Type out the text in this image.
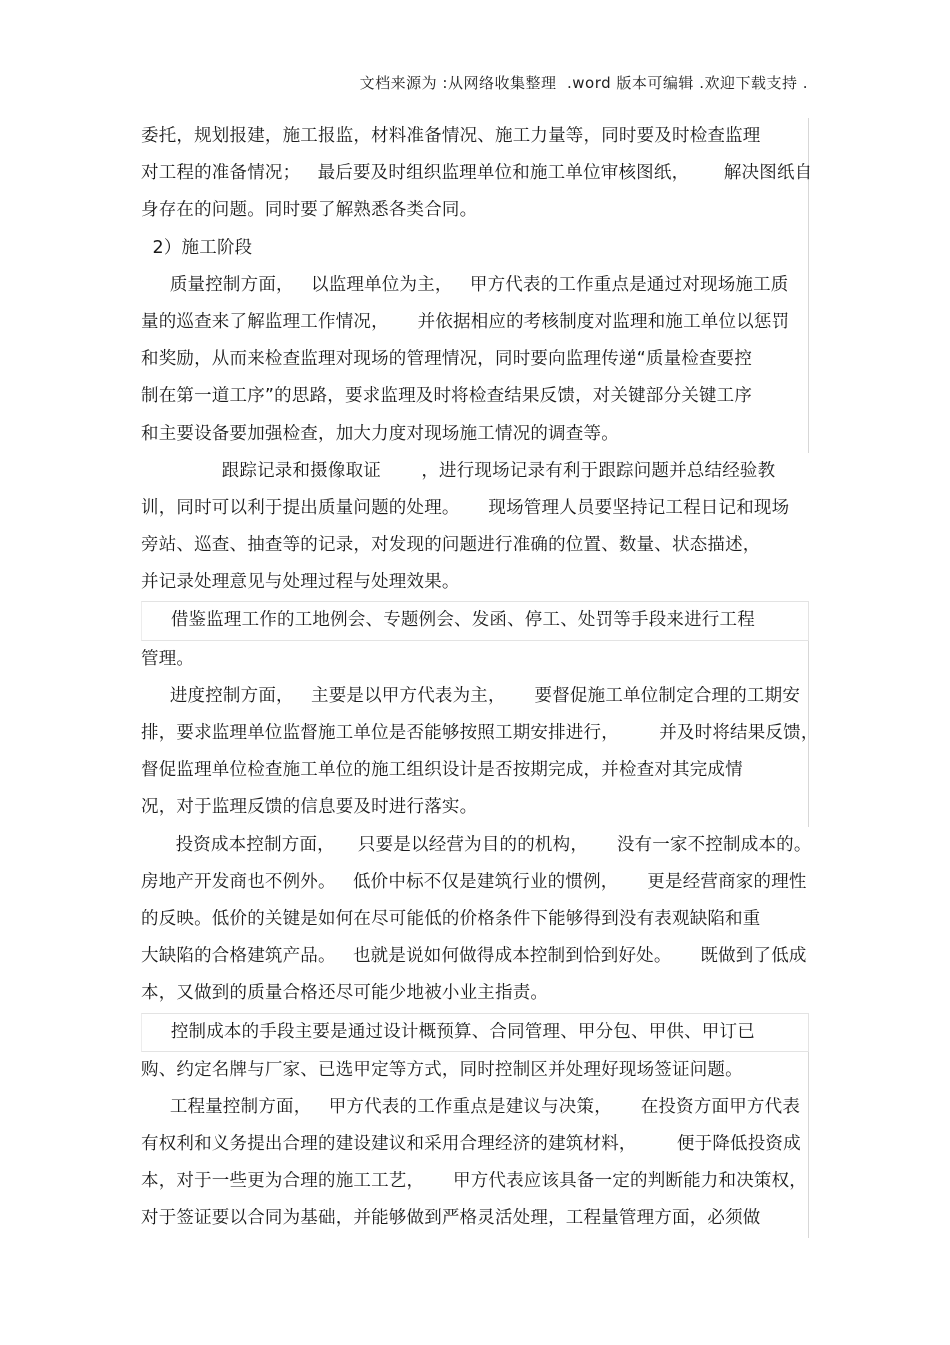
文档来源为 :从网络收集整理  .word 版本可编辑 .欢迎下载支持 .
委托，规划报建，施工报监，材料准备情况、施工力量等，同时要及时检查监理
对工程的准备情况；   最后要及时组织监理单位和施工单位审核图纸，      解决图纸自
身存在的问题。同时要了解熟悉各类合同。
2）施工阶段
质量控制方面，   以监理单位为主，   甲方代表的工作重点是通过对现场施工质
量的巡查来了解监理工作情况，     并依据相应的考核制度对监理和施工单位以惩罚
和奖励，从而来检查监理对现场的管理情况，同时要向监理传递“质量检查要控
制在第一道工序”的思路，要求监理及时将检查结果反馈，对关键部分关键工序
和主要设备要加强检查，加大力度对现场施工情况的调查等。
跟踪记录和摄像取证       ，进行现场记录有利于跟踪问题并总结经验教
训，同时可以利于提出质量问题的处理。     现场管理人员要坚持记工程日记和现场
旁站、巡查、抽查等的记录，对发现的问题进行准确的位置、数量、状态描述，
并记录处理意见与处理过程与处理效果。
借鉴监理工作的工地例会、专题例会、发函、停工、处罚等手段来进行工程
管理。
进度控制方面，   主要是以甲方代表为主，     要督促施工单位制定合理的工期安
排，要求监理单位监督施工单位是否能够按照工期安排进行，       并及时将结果反馈，
督促监理单位检查施工单位的施工组织设计是否按期完成，并检查对其完成情
况，对于监理反馈的信息要及时进行落实。
投资成本控制方面，    只要是以经营为目的的机构，     没有一家不控制成本的。
房地产开发商也不例外。   低价中标不仅是建筑行业的惯例，     更是经营商家的理性
的反映。低价的关键是如何在尽可能低的价格条件下能够得到没有表观缺陷和重
大缺陷的合格建筑产品。   也就是说如何做得成本控制到恰到好处。     既做到了低成
本，又做到的质量合格还尽可能少地被小业主指责。
控制成本的手段主要是通过设计概预算、合同管理、甲分包、甲供、甲订已
购、约定名牌与厂家、已选甲定等方式，同时控制区并处理好现场签证问题。
工程量控制方面，   甲方代表的工作重点是建议与决策，     在投资方面甲方代表
有权利和义务提出合理的建设建议和采用合理经济的建筑材料，       便于降低投资成
本，对于一些更为合理的施工工艺，     甲方代表应该具备一定的判断能力和决策权，
对于签证要以合同为基础，并能够做到严格灵活处理，工程量管理方面，必须做
